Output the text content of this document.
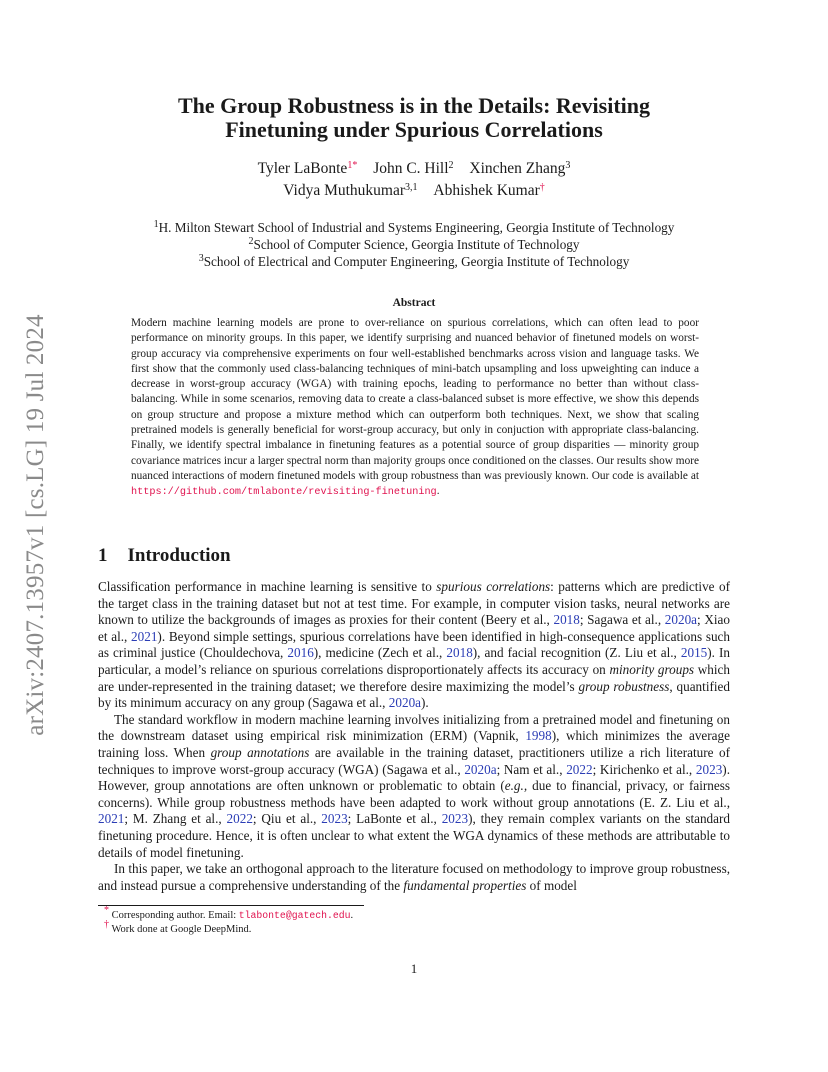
arXiv:2407.13957v1 [cs.LG] 19 Jul 2024
The Group Robustness is in the Details: Revisiting
Finetuning under Spurious Correlations
Tyler LaBonte$^{1*}$ John C. Hill$^2$ Xinchen Zhang$^3$
Vidya Muthukumar$^{3,1}$ Abhishek Kumar†
$^1$H. Milton Stewart School of Industrial and Systems Engineering, Georgia Institute of Technology
$^2$School of Computer Science, Georgia Institute of Technology
$^3$School of Electrical and Computer Engineering, Georgia Institute of Technology
Abstract
Modern machine learning models are prone to over-reliance on spurious correlations, which can often lead to poor performance on minority groups. In this paper, we identify surprising and nuanced behavior of finetuned models on worst-group accuracy via comprehensive experiments on four well-established benchmarks across vision and language tasks. We first show that the commonly used class-balancing techniques of mini-batch upsampling and loss upweighting can induce a decrease in worst-group accuracy (WGA) with training epochs, leading to performance no better than without class-balancing. While in some scenarios, removing data to create a class-balanced subset is more effective, we show this depends on group structure and propose a mixture method which can outperform both techniques. Next, we show that scaling pretrained models is generally beneficial for worst-group accuracy, but only in conjuction with appropriate class-balancing. Finally, we identify spectral imbalance in finetuning features as a potential source of group disparities — minority group covariance matrices incur a larger spectral norm than majority groups once conditioned on the classes. Our results show more nuanced interactions of modern finetuned models with group robustness than was previously known. Our code is available at https://github.com/tmlabonte/revisiting-finetuning.
1 Introduction

Classification performance in machine learning is sensitive to spurious correlations: patterns which are predictive of the target class in the training dataset but not at test time. For example, in computer vision tasks, neural networks are known to utilize the backgrounds of images as proxies for their content (Beery et al., 2018; Sagawa et al., 2020a; Xiao et al., 2021). Beyond simple settings, spurious correlations have been identified in high-consequence applications such as criminal justice (Chouldechova, 2016), medicine (Zech et al., 2018), and facial recognition (Z. Liu et al., 2015). In particular, a model’s reliance on spurious correlations disproportionately affects its accuracy on minority groups which are under-represented in the training dataset; we therefore desire maximizing the model’s group robustness, quantified by its minimum accuracy on any group (Sagawa et al., 2020a).

The standard workflow in modern machine learning involves initializing from a pretrained model and finetuning on the downstream dataset using empirical risk minimization (ERM) (Vapnik, 1998), which minimizes the average training loss. When group annotations are available in the training dataset, practitioners utilize a rich literature of techniques to improve worst-group accuracy (WGA) (Sagawa et al., 2020a; Nam et al., 2022; Kirichenko et al., 2023). However, group annotations are often unknown or problematic to obtain (e.g., due to financial, privacy, or fairness concerns). While group robustness methods have been adapted to work without group annotations (E. Z. Liu et al., 2021; M. Zhang et al., 2022; Qiu et al., 2023; LaBonte et al., 2023), they remain complex variants on the standard finetuning procedure. Hence, it is often unclear to what extent the WGA dynamics of these methods are attributable to details of model finetuning.

In this paper, we take an orthogonal approach to the literature focused on methodology to improve group robustness, and instead pursue a comprehensive understanding of the fundamental properties of model

* Corresponding author. Email: tlabonte@gatech.edu.
† Work done at Google DeepMind.
1
